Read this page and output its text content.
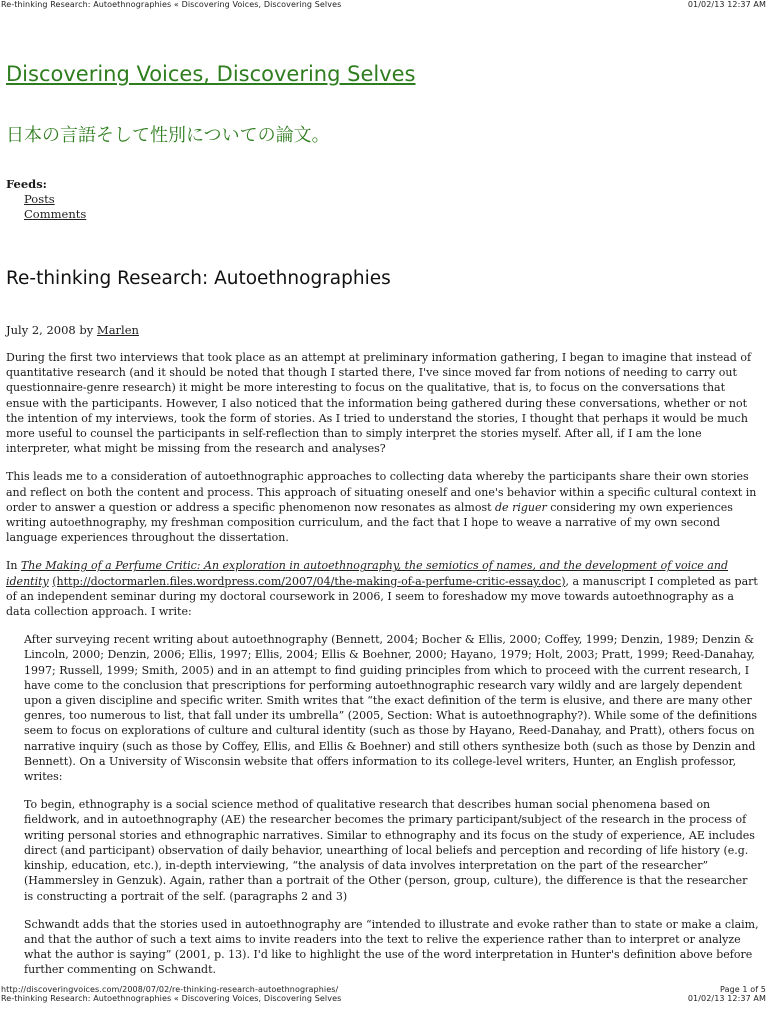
Re-thinking Research: Autoethnographies « Discovering Voices, Discovering Selves	01/02/13 12:37 AM
Discovering Voices, Discovering Selves
日本の言語そして性別についての論文。
Feeds:
Posts
Comments
Re-thinking Research: Autoethnographies
July 2, 2008 by Marlen

During the first two interviews that took place as an attempt at preliminary information gathering, I began to imagine that instead of quantitative research (and it should be noted that though I started there, I've since moved far from notions of needing to carry out questionnaire-genre research) it might be more interesting to focus on the qualitative, that is, to focus on the conversations that ensue with the participants. However, I also noticed that the information being gathered during these conversations, whether or not the intention of my interviews, took the form of stories. As I tried to understand the stories, I thought that perhaps it would be much more useful to counsel the participants in self-reflection than to simply interpret the stories myself. After all, if I am the lone interpreter, what might be missing from the research and analyses?

This leads me to a consideration of autoethnographic approaches to collecting data whereby the participants share their own stories and reflect on both the content and process. This approach of situating oneself and one's behavior within a specific cultural context in order to answer a question or address a specific phenomenon now resonates as almost de riguer considering my own experiences writing autoethnography, my freshman composition curriculum, and the fact that I hope to weave a narrative of my own second language experiences throughout the dissertation.

In The Making of a Perfume Critic: An exploration in autoethnography, the semiotics of names, and the development of voice and identity (http://doctormarlen.files.wordpress.com/2007/04/the-making-of-a-perfume-critic-essay.doc), a manuscript I completed as part of an independent seminar during my doctoral coursework in 2006, I seem to foreshadow my move towards autoethnography as a data collection approach. I write:

After surveying recent writing about autoethnography (Bennett, 2004; Bocher & Ellis, 2000; Coffey, 1999; Denzin, 1989; Denzin & Lincoln, 2000; Denzin, 2006; Ellis, 1997; Ellis, 2004; Ellis & Boehner, 2000; Hayano, 1979; Holt, 2003; Pratt, 1999; Reed-Danahay, 1997; Russell, 1999; Smith, 2005) and in an attempt to find guiding principles from which to proceed with the current research, I have come to the conclusion that prescriptions for performing autoethnographic research vary wildly and are largely dependent upon a given discipline and specific writer. Smith writes that “the exact definition of the term is elusive, and there are many other genres, too numerous to list, that fall under its umbrella” (2005, Section: What is autoethnography?). While some of the definitions seem to focus on explorations of culture and cultural identity (such as those by Hayano, Reed-Danahay, and Pratt), others focus on narrative inquiry (such as those by Coffey, Ellis, and Ellis & Boehner) and still others synthesize both (such as those by Denzin and Bennett). On a University of Wisconsin website that offers information to its college-level writers, Hunter, an English professor, writes:

To begin, ethnography is a social science method of qualitative research that describes human social phenomena based on fieldwork, and in autoethnography (AE) the researcher becomes the primary participant/subject of the research in the process of writing personal stories and ethnographic narratives. Similar to ethnography and its focus on the study of experience, AE includes direct (and participant) observation of daily behavior, unearthing of local beliefs and perception and recording of life history (e.g. kinship, education, etc.), in-depth interviewing, “the analysis of data involves interpretation on the part of the researcher” (Hammersley in Genzuk). Again, rather than a portrait of the Other (person, group, culture), the difference is that the researcher is constructing a portrait of the self. (paragraphs 2 and 3)

Schwandt adds that the stories used in autoethnography are “intended to illustrate and evoke rather than to state or make a claim, and that the author of such a text aims to invite readers into the text to relive the experience rather than to interpret or analyze what the author is saying” (2001, p. 13). I'd like to highlight the use of the word interpretation in Hunter's definition above before further commenting on Schwandt.

http://discoveringvoices.com/2008/07/02/re-thinking-research-autoethnographies/	Page 1 of 5
Re-thinking Research: Autoethnographies « Discovering Voices, Discovering Selves	01/02/13 12:37 AM
